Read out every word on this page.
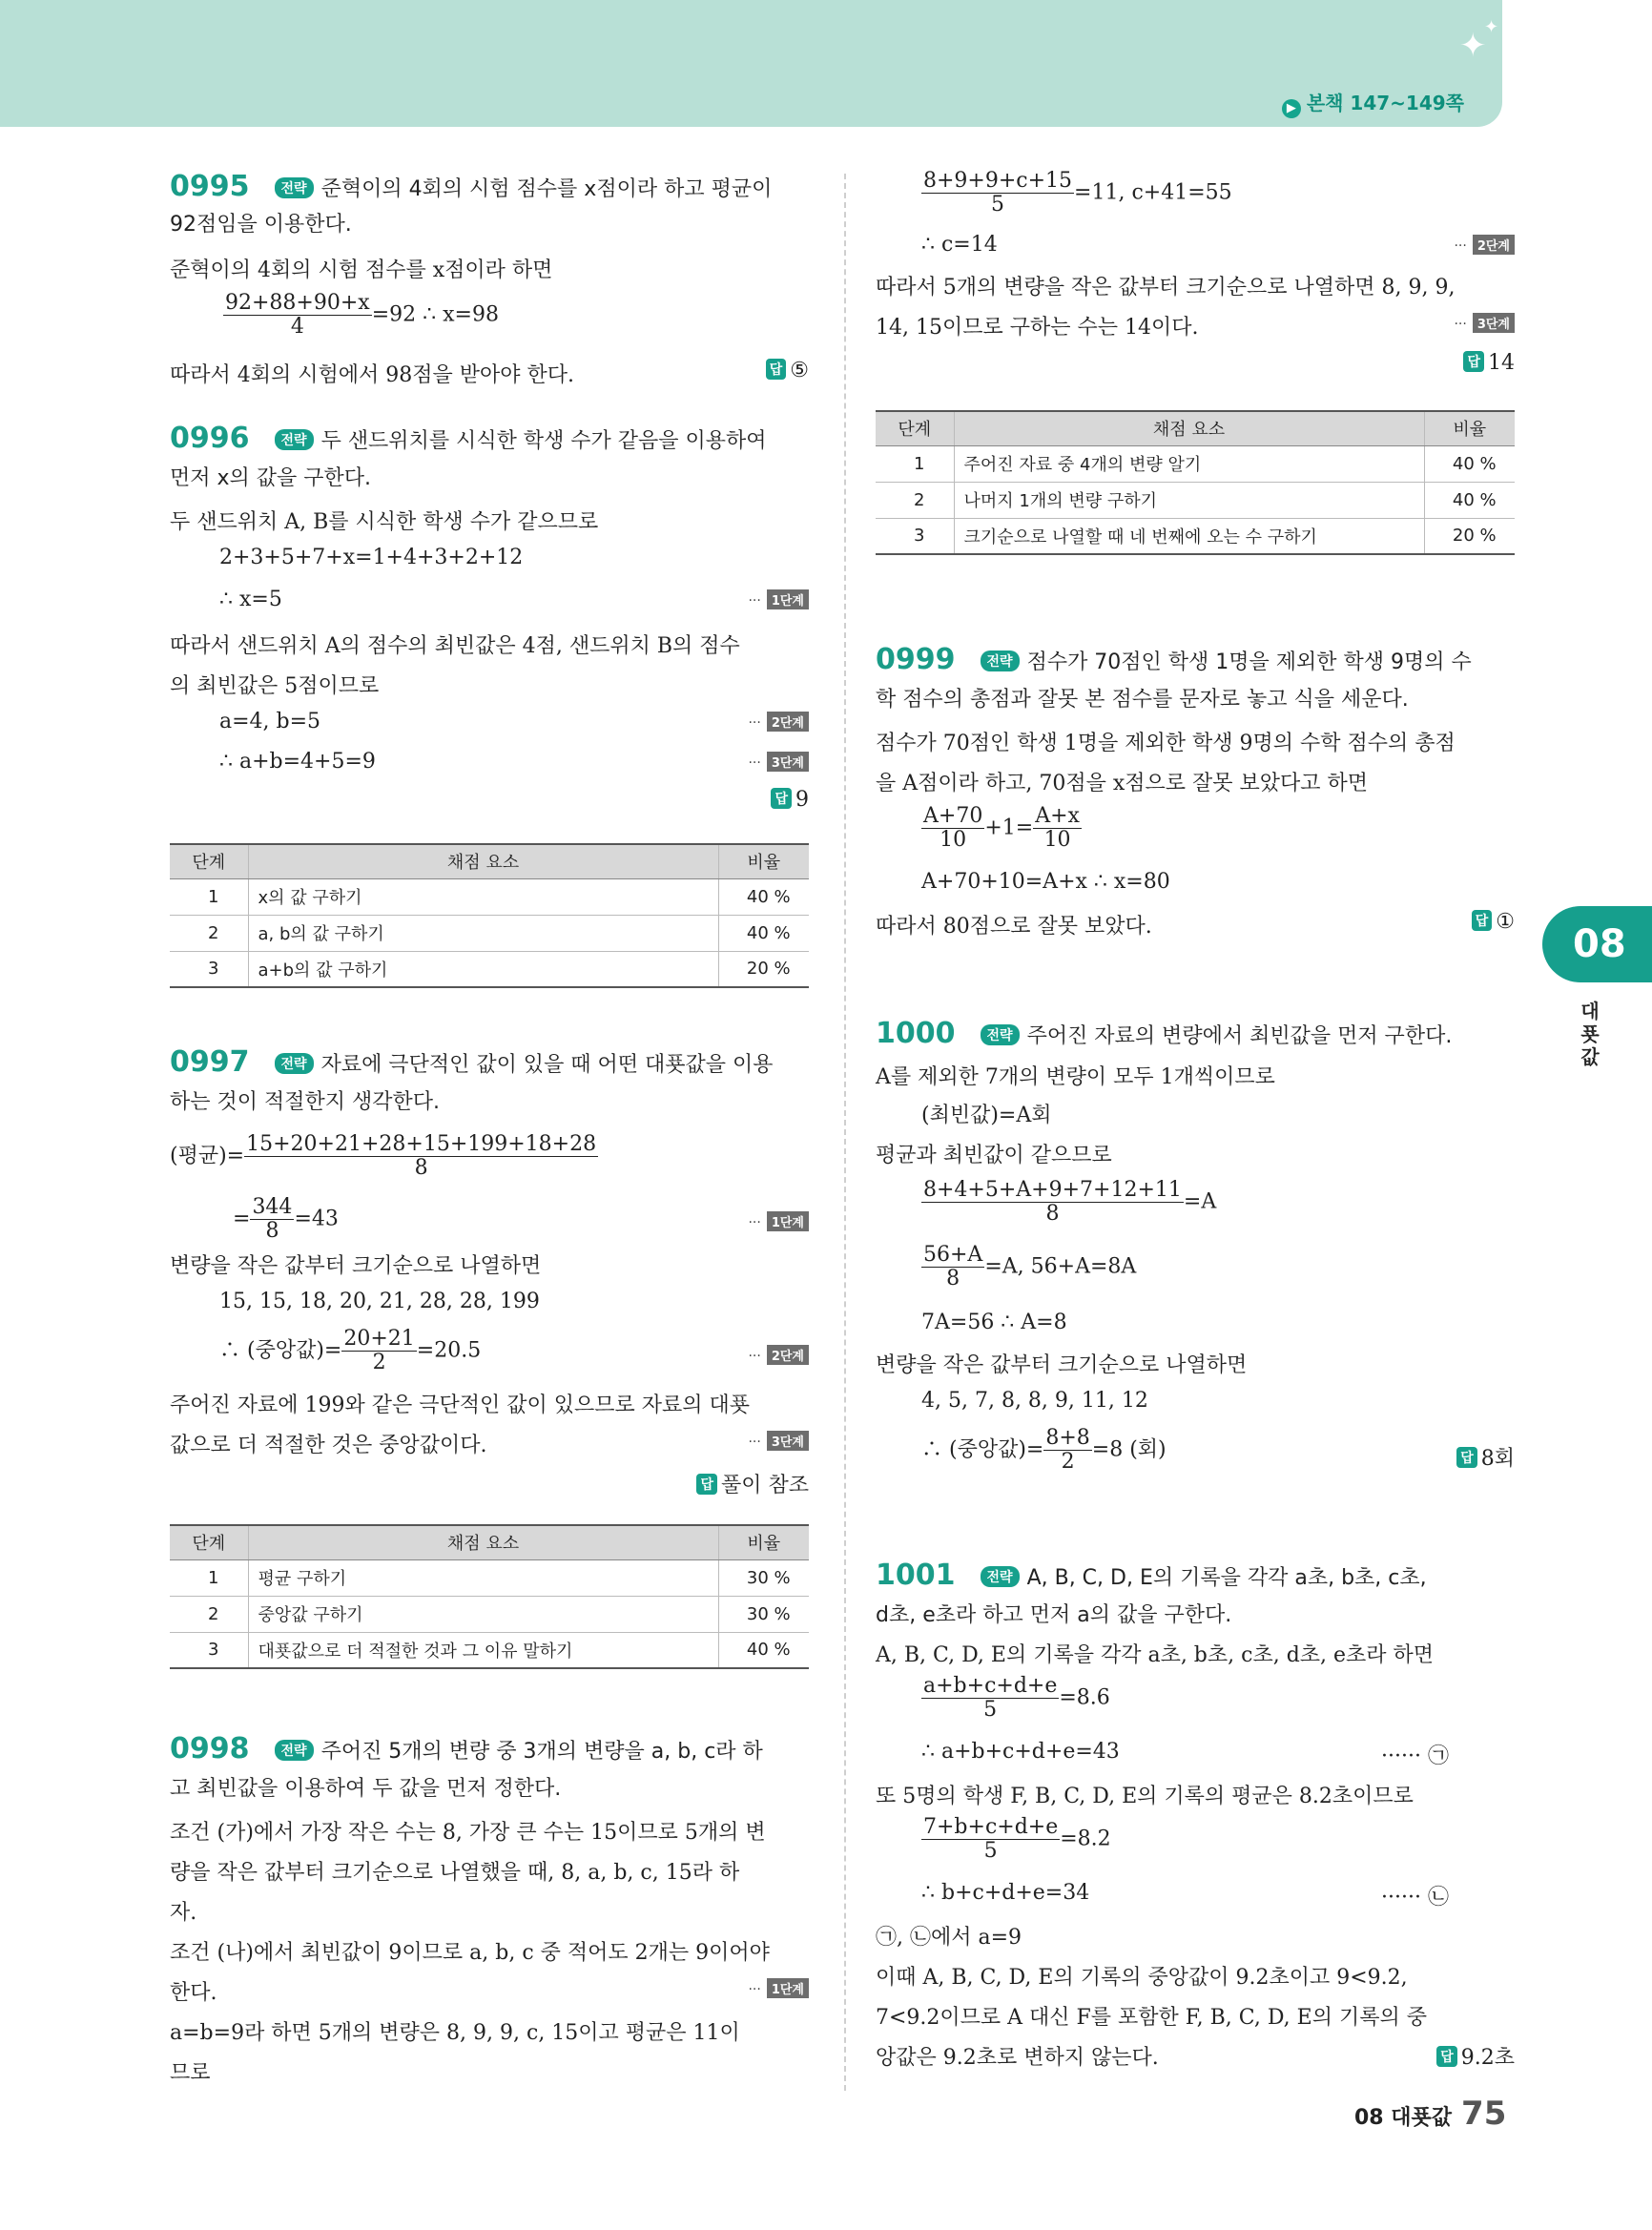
✦
✦
▶ 본책 147~149쪽
08
대푯값
0995 전략 준혁이의 4회의 시험 점수를 x점이라 하고 평균이
92점임을 이용한다.
준혁이의 4회의 시험 점수를 x점이라 하면
$\frac{92+88+90+x}{4} =92$ ∴ x=98
따라서 4회의 시험에서 98점을 받아야 한다.	답 ⑤
0996 전략 두 샌드위치를 시식한 학생 수가 같음을 이용하여
먼저 x의 값을 구한다.
두 샌드위치 A, B를 시식한 학생 수가 같으므로
2+3+5+7+x=1+4+3+2+12
∴ x=5	··· 1단계
따라서 샌드위치 A의 점수의 최빈값은 4점, 샌드위치 B의 점수
의 최빈값은 5점이므로
a=4, b=5	··· 2단계
∴ a+b=4+5=9	··· 3단계
답 9
단계	채점 요소	비율
1	x의 값 구하기	40 %
2	a, b의 값 구하기	40 %
3	a+b의 값 구하기	20 %
0997 전략 자료에 극단적인 값이 있을 때 어떤 대푯값을 이용
하는 것이 적절한지 생각한다.
(평균)= $\frac{15+20+21+28+15+199+18+28}{8}$
= $\frac{344}{8} =43$	··· 1단계
변량을 작은 값부터 크기순으로 나열하면
15, 15, 18, 20, 21, 28, 28, 199
∴ (중앙값)= $\frac{20+21}{2} =20.5$	··· 2단계
주어진 자료에 199와 같은 극단적인 값이 있으므로 자료의 대푯
값으로 더 적절한 것은 중앙값이다.	··· 3단계
답 풀이 참조
단계	채점 요소	비율
1	평균 구하기	30 %
2	중앙값 구하기	30 %
3	대푯값으로 더 적절한 것과 그 이유 말하기	40 %
0998 전략 주어진 5개의 변량 중 3개의 변량을 a, b, c라 하
고 최빈값을 이용하여 두 값을 먼저 정한다.
조건 (가)에서 가장 작은 수는 8, 가장 큰 수는 15이므로 5개의 변
량을 작은 값부터 크기순으로 나열했을 때, 8, a, b, c, 15라 하
자.
조건 (나)에서 최빈값이 9이므로 a, b, c 중 적어도 2개는 9이어야
한다.	··· 1단계
a=b=9라 하면 5개의 변량은 8, 9, 9, c, 15이고 평균은 11이
므로
$\frac{8+9+9+c+15}{5} =11$, c+41=55
∴ c=14	··· 2단계
따라서 5개의 변량을 작은 값부터 크기순으로 나열하면 8, 9, 9,
14, 15이므로 구하는 수는 14이다.	··· 3단계
답 14
단계	채점 요소	비율
1	주어진 자료 중 4개의 변량 알기	40 %
2	나머지 1개의 변량 구하기	40 %
3	크기순으로 나열할 때 네 번째에 오는 수 구하기	20 %
0999 전략 점수가 70점인 학생 1명을 제외한 학생 9명의 수
학 점수의 총점과 잘못 본 점수를 문자로 놓고 식을 세운다.
점수가 70점인 학생 1명을 제외한 학생 9명의 수학 점수의 총점
을 A점이라 하고, 70점을 x점으로 잘못 보았다고 하면
$\frac{A+70}{10} +1= \frac{A+x}{10}$
A+70+10=A+x ∴ x=80
따라서 80점으로 잘못 보았다.	답 ①
1000 전략 주어진 자료의 변량에서 최빈값을 먼저 구한다.
A를 제외한 7개의 변량이 모두 1개씩이므로
(최빈값)=A회
평균과 최빈값이 같으므로
$\frac{8+4+5+A+9+7+12+11}{8} =A$
$\frac{56+A}{8} =A$, 56+A=8A
7A=56 ∴ A=8
변량을 작은 값부터 크기순으로 나열하면
4, 5, 7, 8, 8, 9, 11, 12
∴ (중앙값)= $\frac{8+8}{2} =8$ (회)	답 8회
1001 전략 A, B, C, D, E의 기록을 각각 a초, b초, c초,
d초, e초라 하고 먼저 a의 값을 구한다.
A, B, C, D, E의 기록을 각각 a초, b초, c초, d초, e초라 하면
$\frac{a+b+c+d+e}{5} =8.6$
∴ a+b+c+d+e=43	······ ㉠
또 5명의 학생 F, B, C, D, E의 기록의 평균은 8.2초이므로
$\frac{7+b+c+d+e}{5} =8.2$
∴ b+c+d+e=34	······ ㉡
㉠, ㉡에서 a=9
이때 A, B, C, D, E의 기록의 중앙값이 9.2초이고 9<9.2,
7<9.2이므로 A 대신 F를 포함한 F, B, C, D, E의 기록의 중
앙값은 9.2초로 변하지 않는다.	답 9.2초
08 대푯값 75
